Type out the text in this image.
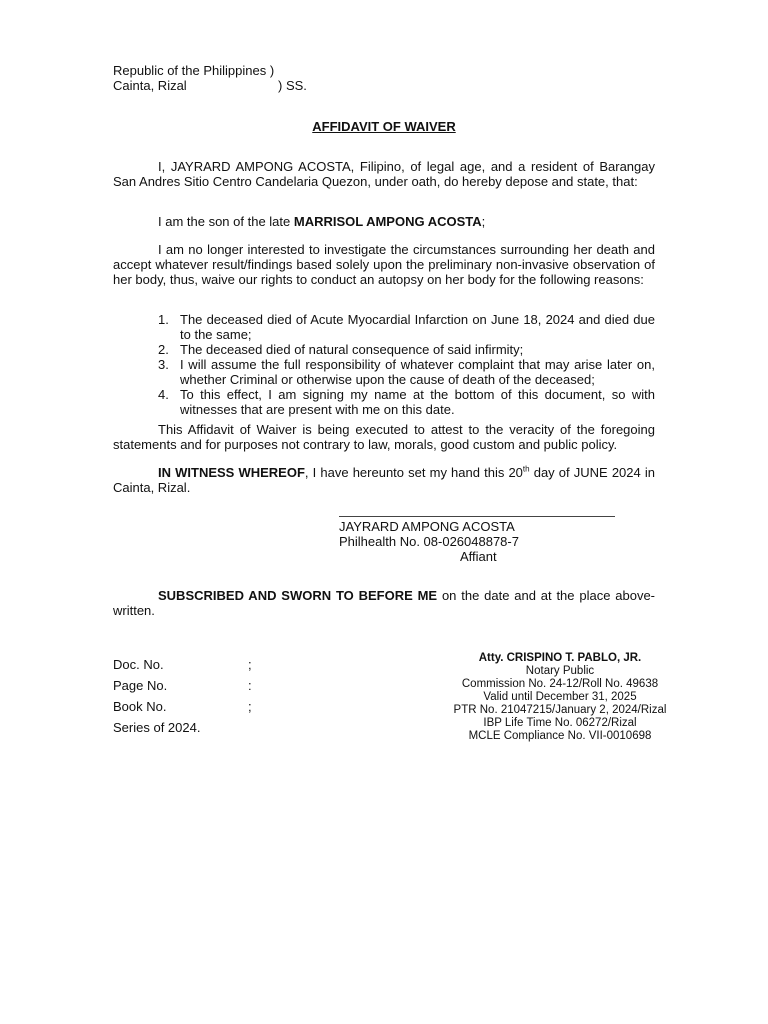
Republic of the Philippines )
Cainta, Rizal	) SS.
AFFIDAVIT OF WAIVER
I, JAYRARD AMPONG ACOSTA, Filipino, of legal age, and a resident of Barangay San Andres Sitio Centro Candelaria Quezon, under oath, do hereby depose and state, that:
I am the son of the late MARRISOL AMPONG ACOSTA;
I am no longer interested to investigate the circumstances surrounding her death and accept whatever result/findings based solely upon the preliminary non-invasive observation of her body, thus, waive our rights to conduct an autopsy on her body for the following reasons:
1. The deceased died of Acute Myocardial Infarction on June 18, 2024 and died due to the same;
2. The deceased died of natural consequence of said infirmity;
3. I will assume the full responsibility of whatever complaint that may arise later on, whether Criminal or otherwise upon the cause of death of the deceased;
4. To this effect, I am signing my name at the bottom of this document, so with witnesses that are present with me on this date.
This Affidavit of Waiver is being executed to attest to the veracity of the foregoing statements and for purposes not contrary to law, morals, good custom and public policy.
IN WITNESS WHEREOF, I have hereunto set my hand this 20th day of JUNE 2024 in Cainta, Rizal.
JAYRARD AMPONG ACOSTA
Philhealth No. 08-026048878-7
Affiant
SUBSCRIBED AND SWORN TO BEFORE ME on the date and at the place above-written.
Doc. No.	;
Page No.	:
Book No.	;
Series of 2024.
Atty. CRISPINO T. PABLO, JR.
Notary Public
Commission No. 24-12/Roll No. 49638
Valid until December 31, 2025
PTR No. 21047215/January 2, 2024/Rizal
IBP Life Time No. 06272/Rizal
MCLE Compliance No. VII-0010698
